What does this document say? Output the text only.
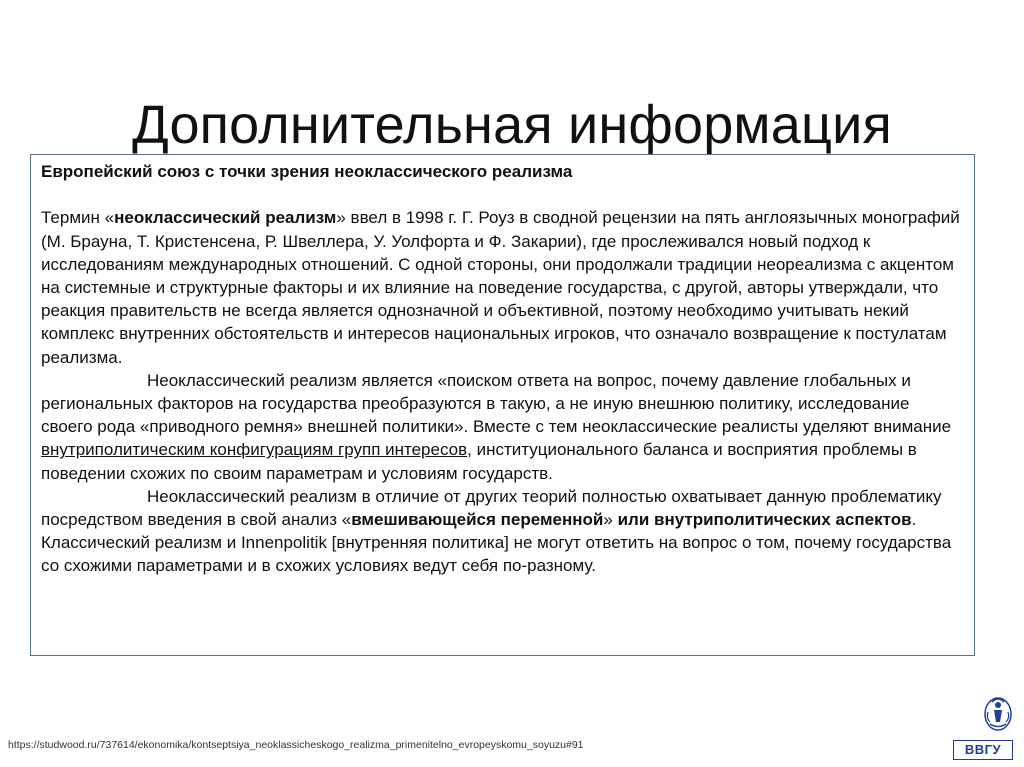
Дополнительная информация

Европейский союз с точки зрения неоклассического реализма

Термин «неоклассический реализм» ввел в 1998 г. Г. Роуз в сводной рецензии на пять англоязычных монографий (М. Брауна, Т. Кристенсена, Р. Швеллера, У. Уолфорта и Ф. Закарии), где прослеживался новый подход к исследованиям международных отношений. С одной стороны, они продолжали традиции неореализма с акцентом на системные и структурные факторы и их влияние на поведение государства, с другой, авторы утверждали, что реакция правительств не всегда является однозначной и объективной, поэтому необходимо учитывать некий комплекс внутренних обстоятельств и интересов национальных игроков, что означало возвращение к постулатам реализма.

Неоклассический реализм является «поиском ответа на вопрос, почему давление глобальных и региональных факторов на государства преобразуются в такую, а не иную внешнюю политику, исследование своего рода «приводного ремня» внешней политики». Вместе с тем неоклассические реалисты уделяют внимание внутриполитическим конфигурациям групп интересов, институционального баланса и восприятия проблемы в поведении схожих по своим параметрам и условиям государств.

Неоклассический реализм в отличие от других теорий полностью охватывает данную проблематику посредством введения в свой анализ «вмешивающейся переменной» или внутриполитических аспектов. Классический реализм и Innenpolitik [внутренняя политика] не могут ответить на вопрос о том, почему государства со схожими параметрами и в схожих условиях ведут себя по-разному.

https://studwood.ru/737614/ekonomika/kontseptsiya_neoklassicheskogo_realizma_primenitelno_evropeyskomu_soyuzu#91	ВВГУ
